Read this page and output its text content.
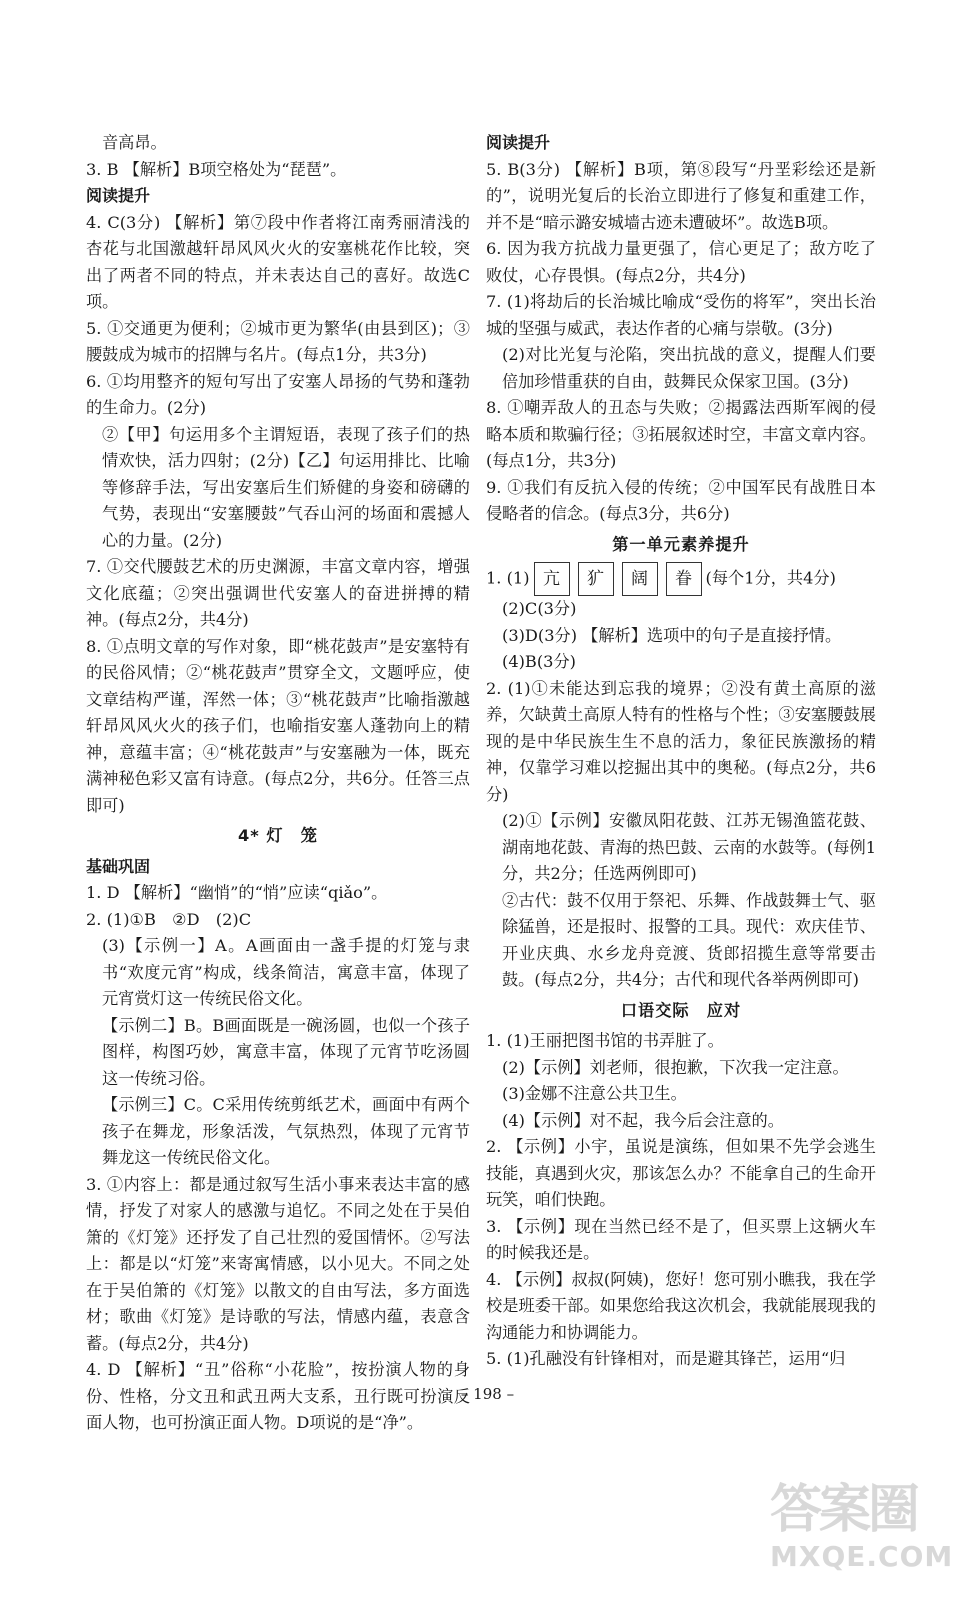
音高昂。

3. B 【解析】B项空格处为“琵琶”。

阅读提升

4. C(3分) 【解析】第⑦段中作者将江南秀丽清浅的杏花与北国激越轩昂风风火火的安塞桃花作比较，突出了两者不同的特点，并未表达自己的喜好。故选C项。

5. ①交通更为便利；②城市更为繁华(由县到区)；③腰鼓成为城市的招牌与名片。(每点1分，共3分)

6. ①均用整齐的短句写出了安塞人昂扬的气势和蓬勃的生命力。(2分)

②【甲】句运用多个主谓短语，表现了孩子们的热情欢快，活力四射；(2分)【乙】句运用排比、比喻等修辞手法，写出安塞后生们矫健的身姿和磅礴的气势，表现出“安塞腰鼓”气吞山河的场面和震撼人心的力量。(2分)

7. ①交代腰鼓艺术的历史渊源，丰富文章内容，增强文化底蕴；②突出强调世代安塞人的奋进拼搏的精神。(每点2分，共4分)

8. ①点明文章的写作对象，即“桃花鼓声”是安塞特有的民俗风情；②“桃花鼓声”贯穿全文，文题呼应，使文章结构严谨，浑然一体；③“桃花鼓声”比喻指激越轩昂风风火火的孩子们，也喻指安塞人蓬勃向上的精神，意蕴丰富；④“桃花鼓声”与安塞融为一体，既充满神秘色彩又富有诗意。(每点2分，共6分。任答三点即可)

4* 灯　笼
基础巩固

1. D 【解析】“幽悄”的“悄”应读“qiǎo”。

2. (1)①B　②D　(2)C

(3)【示例一】A。A画面由一盏手提的灯笼与隶书“欢度元宵”构成，线条简洁，寓意丰富，体现了元宵赏灯这一传统民俗文化。

【示例二】B。B画面既是一碗汤圆，也似一个孩子图样，构图巧妙，寓意丰富，体现了元宵节吃汤圆这一传统习俗。

【示例三】C。C采用传统剪纸艺术，画面中有两个孩子在舞龙，形象活泼，气氛热烈，体现了元宵节舞龙这一传统民俗文化。

3. ①内容上：都是通过叙写生活小事来表达丰富的感情，抒发了对家人的感激与追忆。不同之处在于吴伯箫的《灯笼》还抒发了自己壮烈的爱国情怀。②写法上：都是以“灯笼”来寄寓情感，以小见大。不同之处在于吴伯箫的《灯笼》以散文的自由写法，多方面选材；歌曲《灯笼》是诗歌的写法，情感内蕴，表意含蓄。(每点2分，共4分)

4. D 【解析】“丑”俗称“小花脸”，按扮演人物的身份、性格，分文丑和武丑两大支系，丑行既可扮演反面人物，也可扮演正面人物。D项说的是“净”。

阅读提升

5. B(3分) 【解析】B项，第⑧段写“丹垩彩绘还是新的”，说明光复后的长治立即进行了修复和重建工作，并不是“暗示潞安城墙古迹未遭破坏”。故选B项。

6. 因为我方抗战力量更强了，信心更足了；敌方吃了败仗，心存畏惧。(每点2分，共4分)

7. (1)将劫后的长治城比喻成“受伤的将军”，突出长治城的坚强与威武，表达作者的心痛与崇敬。(3分)

(2)对比光复与沦陷，突出抗战的意义，提醒人们要倍加珍惜重获的自由，鼓舞民众保家卫国。(3分)

8. ①嘲弄敌人的丑态与失败；②揭露法西斯军阀的侵略本质和欺骗行径；③拓展叙述时空，丰富文章内容。(每点1分，共3分)

9. ①我们有反抗入侵的传统；②中国军民有战胜日本侵略者的信念。(每点3分，共6分)

第一单元素养提升
1. (1) 亢	犷	阔	眷 (每个1分，共4分)

(2)C(3分)

(3)D(3分) 【解析】选项中的句子是直接抒情。

(4)B(3分)

2. (1)①未能达到忘我的境界；②没有黄土高原的滋养，欠缺黄土高原人特有的性格与个性；③安塞腰鼓展现的是中华民族生生不息的活力，象征民族激扬的精神，仅靠学习难以挖掘出其中的奥秘。(每点2分，共6分)

(2)①【示例】安徽凤阳花鼓、江苏无锡渔篮花鼓、湖南地花鼓、青海的热巴鼓、云南的水鼓等。(每例1分，共2分；任选两例即可)

②古代：鼓不仅用于祭祀、乐舞、作战鼓舞士气、驱除猛兽，还是报时、报警的工具。现代：欢庆佳节、开业庆典、水乡龙舟竞渡、货郎招揽生意等常要击鼓。(每点2分，共4分；古代和现代各举两例即可)

口语交际　应对

1. (1)王丽把图书馆的书弄脏了。

(2)【示例】刘老师，很抱歉，下次我一定注意。

(3)金娜不注意公共卫生。

(4)【示例】对不起，我今后会注意的。

2. 【示例】小宇，虽说是演练，但如果不先学会逃生技能，真遇到火灾，那该怎么办？不能拿自己的生命开玩笑，咱们快跑。

3. 【示例】现在当然已经不是了，但买票上这辆火车的时候我还是。

4. 【示例】叔叔(阿姨)，您好！您可别小瞧我，我在学校是班委干部。如果您给我这次机会，我就能展现我的沟通能力和协调能力。

5. (1)孔融没有针锋相对，而是避其锋芒，运用“归

– 198 –
答案圈
MXQE.COM
